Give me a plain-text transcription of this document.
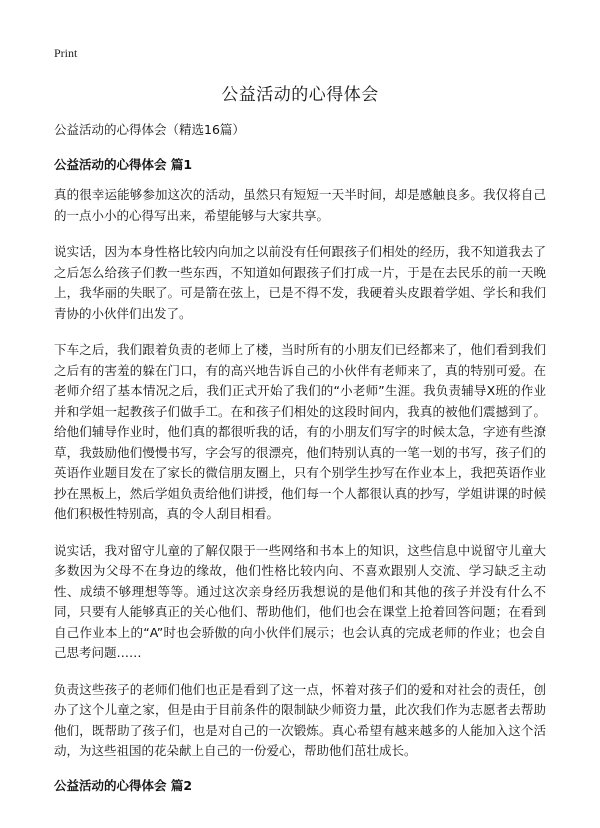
Print
公益活动的心得体会

公益活动的心得体会（精选16篇）

公益活动的心得体会 篇1

真的很幸运能够参加这次的活动，虽然只有短短一天半时间，却是感触良多。我仅将自己的一点小小的心得写出来，希望能够与大家共享。

说实话，因为本身性格比较内向加之以前没有任何跟孩子们相处的经历，我不知道我去了之后怎么给孩子们教一些东西，不知道如何跟孩子们打成一片，于是在去民乐的前一天晚上，我华丽的失眠了。可是箭在弦上，已是不得不发，我硬着头皮跟着学姐、学长和我们青协的小伙伴们出发了。

下车之后，我们跟着负责的老师上了楼，当时所有的小朋友们已经都来了，他们看到我们之后有的害羞的躲在门口，有的高兴地告诉自己的小伙伴有老师来了，真的特别可爱。在老师介绍了基本情况之后，我们正式开始了我们的“小老师”生涯。我负责辅导X班的作业并和学姐一起教孩子们做手工。在和孩子们相处的这段时间内，我真的被他们震撼到了。给他们辅导作业时，他们真的都很听我的话，有的小朋友们写字的时候太急，字迹有些潦草，我鼓励他们慢慢书写，字会写的很漂亮，他们特别认真的一笔一划的书写，孩子们的英语作业题目发在了家长的微信朋友圈上，只有个别学生抄写在作业本上，我把英语作业抄在黑板上，然后学姐负责给他们讲授，他们每一个人都很认真的抄写，学姐讲课的时候他们积极性特别高，真的令人刮目相看。

说实话，我对留守儿童的了解仅限于一些网络和书本上的知识，这些信息中说留守儿童大多数因为父母不在身边的缘故，他们性格比较内向、不喜欢跟别人交流、学习缺乏主动性、成绩不够理想等等。通过这次亲身经历我想说的是他们和其他的孩子并没有什么不同，只要有人能够真正的关心他们、帮助他们，他们也会在课堂上抢着回答问题；在看到自己作业本上的“A”时也会骄傲的向小伙伴们展示；也会认真的完成老师的作业；也会自己思考问题……

负责这些孩子的老师们他们也正是看到了这一点，怀着对孩子们的爱和对社会的责任，创办了这个儿童之家，但是由于目前条件的限制缺少师资力量，此次我们作为志愿者去帮助他们，既帮助了孩子们，也是对自己的一次锻炼。真心希望有越来越多的人能加入这个活动，为这些祖国的花朵献上自己的一份爱心，帮助他们茁壮成长。

公益活动的心得体会 篇2
